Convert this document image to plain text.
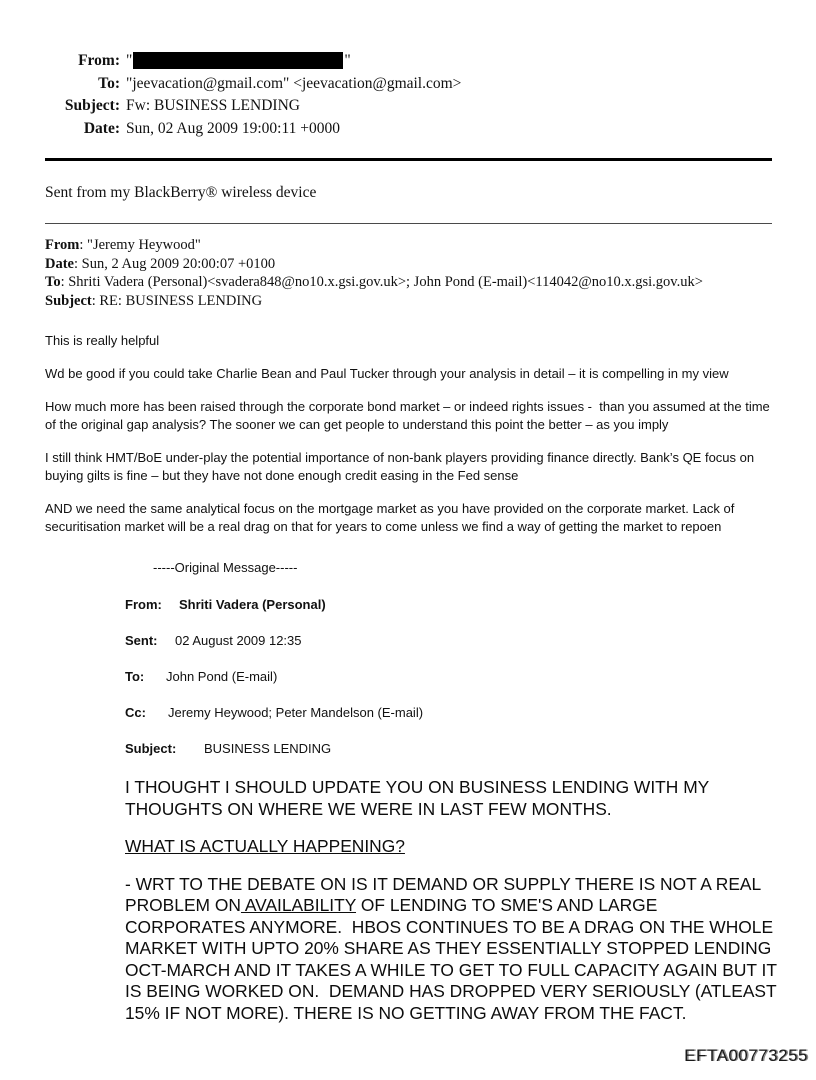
From: "	"
To: "jeevacation@gmail.com" <jeevacation@gmail.com>
Subject: Fw: BUSINESS LENDING
Date: Sun, 02 Aug 2009 19:00:11 +0000

Sent from my BlackBerry® wireless device

From: "Jeremy Heywood"
Date: Sun, 2 Aug 2009 20:00:07 +0100
To: Shriti Vadera (Personal)<svadera848@no10.x.gsi.gov.uk>; John Pond (E-mail)<114042@no10.x.gsi.gov.uk>
Subject: RE: BUSINESS LENDING

This is really helpful

Wd be good if you could take Charlie Bean and Paul Tucker through your analysis in detail – it is compelling in my view

How much more has been raised through the corporate bond market – or indeed rights issues -  than you assumed at the time of the original gap analysis? The sooner we can get people to understand this point the better – as you imply

I still think HMT/BoE under-play the potential importance of non-bank players providing finance directly. Bank’s QE focus on buying gilts is fine – but they have not done enough credit easing in the Fed sense

AND we need the same analytical focus on the mortgage market as you have provided on the corporate market. Lack of securitisation market will be a real drag on that for years to come unless we find a way of getting the market to repoen

-----Original Message-----

From: Shriti Vadera (Personal)
Sent: 02 August 2009 12:35
To: John Pond (E-mail)
Cc: Jeremy Heywood; Peter Mandelson (E-mail)
Subject: BUSINESS LENDING

I THOUGHT I SHOULD UPDATE YOU ON BUSINESS LENDING WITH MY THOUGHTS ON WHERE WE WERE IN LAST FEW MONTHS.

WHAT IS ACTUALLY HAPPENING?

- WRT TO THE DEBATE ON IS IT DEMAND OR SUPPLY THERE IS NOT A REAL PROBLEM ON AVAILABILITY OF LENDING TO SME'S AND LARGE CORPORATES ANYMORE.  HBOS CONTINUES TO BE A DRAG ON THE WHOLE MARKET WITH UPTO 20% SHARE AS THEY ESSENTIALLY STOPPED LENDING OCT-MARCH AND IT TAKES A WHILE TO GET TO FULL CAPACITY AGAIN BUT IT IS BEING WORKED ON.  DEMAND HAS DROPPED VERY SERIOUSLY (ATLEAST 15% IF NOT MORE). THERE IS NO GETTING AWAY FROM THE FACT.

EFTA00773255
